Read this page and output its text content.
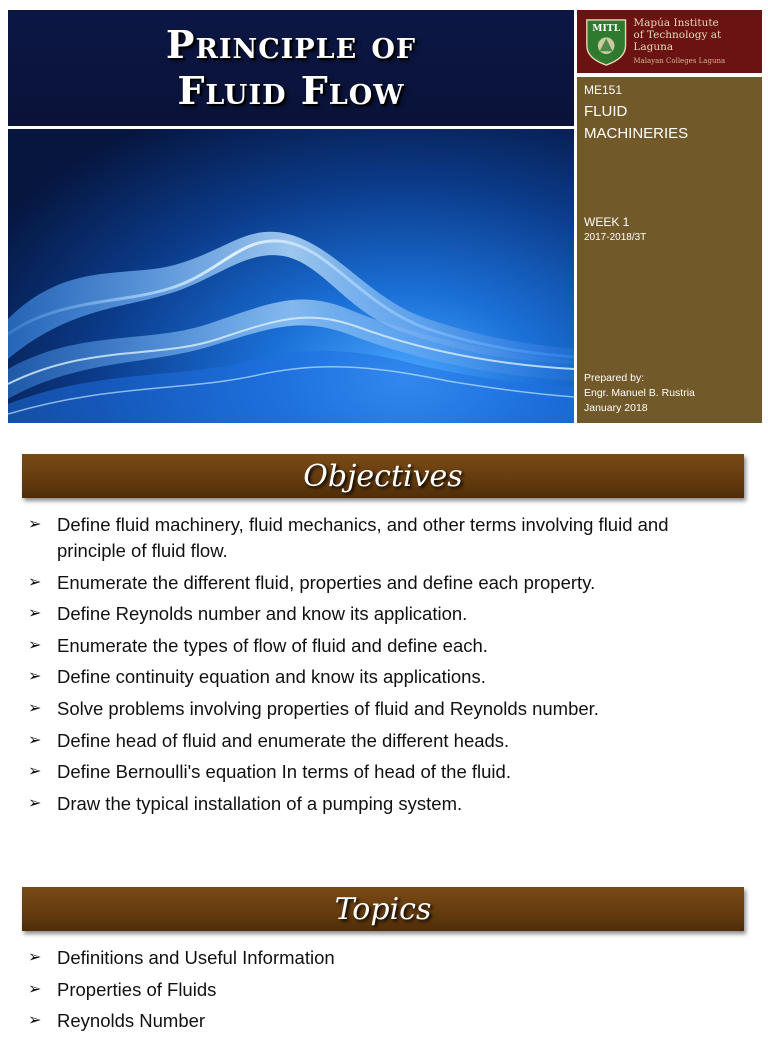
Principle of
Fluid Flow
MITL Mapúa Institute
of Technology at Laguna
Malayan Colleges Laguna
ME151
FLUID MACHINERIES
WEEK 1
2017-2018/3T
Prepared by:
Engr. Manuel B. Rustria
January 2018
Objectives
➢ Define fluid machinery, fluid mechanics, and other terms involving fluid and principle of fluid flow.
➢ Enumerate the different fluid, properties and define each property.
➢ Define Reynolds number and know its application.
➢ Enumerate the types of flow of fluid and define each.
➢ Define continuity equation and know its applications.
➢ Solve problems involving properties of fluid and Reynolds number.
➢ Define head of fluid and enumerate the different heads.
➢ Define Bernoulli's equation In terms of head of the fluid.
➢ Draw the typical installation of a pumping system.
Topics
➢ Definitions and Useful Information
➢ Properties of Fluids
➢ Reynolds Number
